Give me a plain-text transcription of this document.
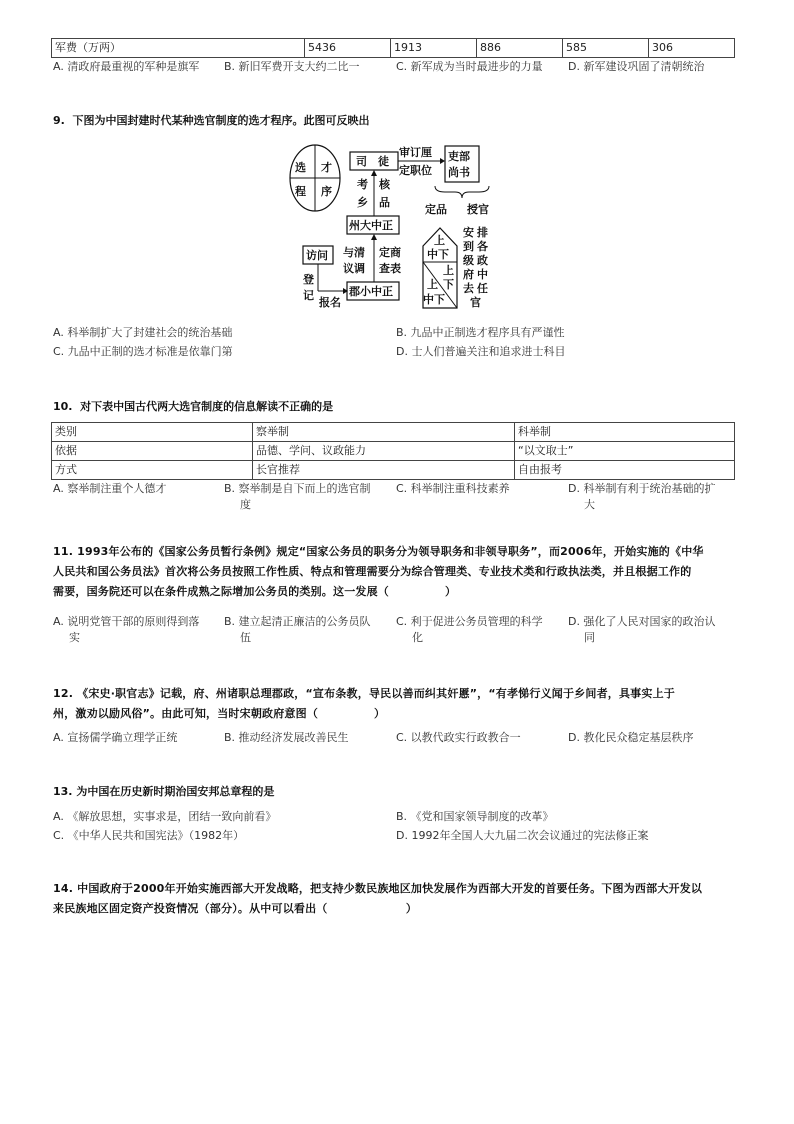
军费（万两）	5436	1913	886	585	306
A. 清政府最重视的军种是旗军 B. 新旧军费开支大约二比一	C. 新军成为当时最进步的力量 D. 新军建设巩固了清朝统治
9. 下图为中国封建时代某种选官制度的选才程序。此图可反映出
选 才
程 序
司　徒
审订厘
定职位
吏部
尚书
定品 授官
考
乡
核
品
州大中正
与清
议调
定商
查表
访问
登
记
报名
郡小中正
上
中下
上
下
上
中下
安 排
到 各
级 政
府 中
去 任
官
A. 科举制扩大了封建社会的统治基础	B. 九品中正制选才程序具有严谨性
C. 九品中正制的选才标准是依靠门第	D. 士人们普遍关注和追求进士科目
10. 对下表中国古代两大选官制度的信息解读不正确的是
类别	察举制	科举制
依据	品德、学问、议政能力	“以文取士”
方式	长官推荐	自由报考
A. 察举制注重个人德才	B. 察举制是自下而上的选官制
度
C. 科举制注重科技素养	D. 科举制有利于统治基础的扩
大
11. 1993年公布的《国家公务员暂行条例》规定“国家公务员的职务分为领导职务和非领导职务”，而2006年，开始实施的《中华
人民共和国公务员法》首次将公务员按照工作性质、特点和管理需要分为综合管理类、专业技术类和行政执法类，并且根据工作的
需要，国务院还可以在条件成熟之际增加公务员的类别。这一发展（　　　　　）
A. 说明党管干部的原则得到落
实
B. 建立起清正廉洁的公务员队
伍
C. 利于促进公务员管理的科学
化
D. 强化了人民对国家的政治认
同
12. 《宋史·职官志》记载，府、州诸职总理郡政，“宣布条教，导民以善而纠其奸慝”，“有孝悌行义闻于乡间者，具事实上于
州，激劝以励风俗”。由此可知，当时宋朝政府意图（　　　　　）
A. 宣扬儒学确立理学正统	B. 推动经济发展改善民生	C. 以教代政实行政教合一	D. 教化民众稳定基层秩序
13. 为中国在历史新时期治国安邦总章程的是
A. 《解放思想，实事求是，团结一致向前看》	B. 《党和国家领导制度的改革》
C. 《中华人民共和国宪法》（1982年）	D. 1992年全国人大九届二次会议通过的宪法修正案
14. 中国政府于2000年开始实施西部大开发战略，把支持少数民族地区加快发展作为西部大开发的首要任务。下图为西部大开发以
来民族地区固定资产投资情况（部分）。从中可以看出（　　　　　　　）
